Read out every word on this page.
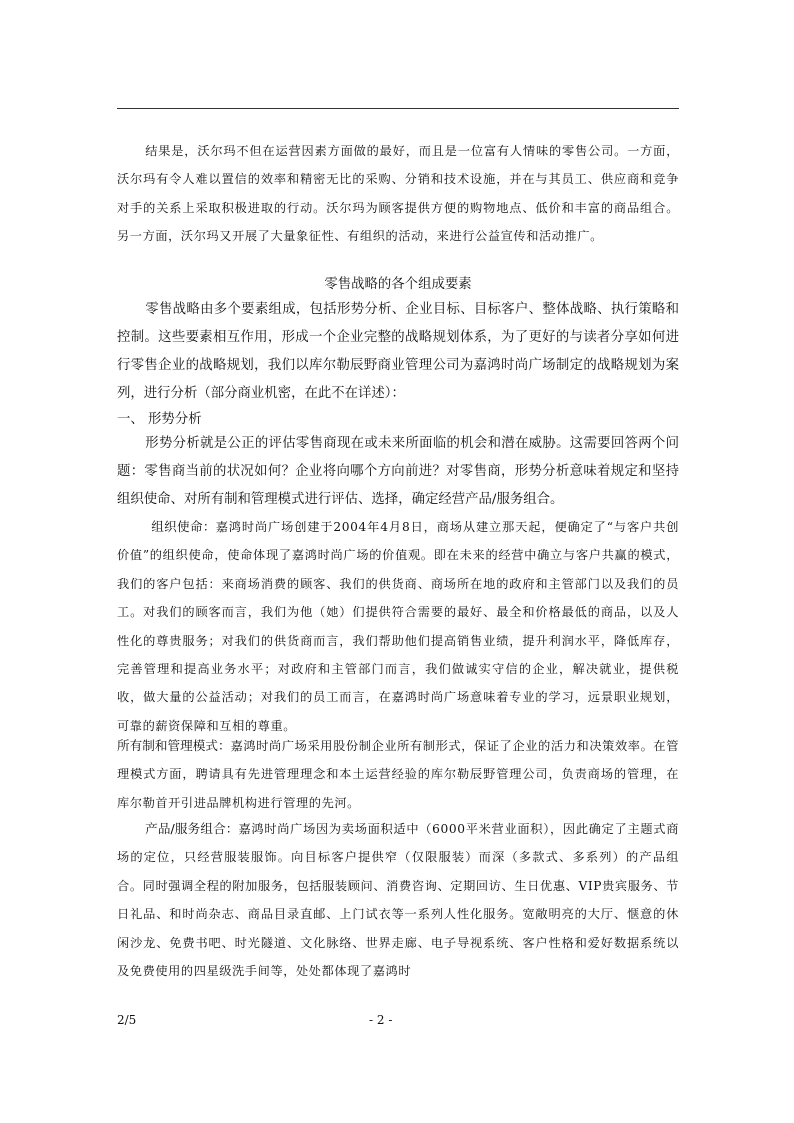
结果是，沃尔玛不但在运营因素方面做的最好，而且是一位富有人情味的零售公司。一方面，沃尔玛有令人难以置信的效率和精密无比的采购、分销和技术设施，并在与其员工、供应商和竞争对手的关系上采取积极进取的行动。沃尔玛为顾客提供方便的购物地点、低价和丰富的商品组合。另一方面，沃尔玛又开展了大量象征性、有组织的活动，来进行公益宣传和活动推广。
零售战略的各个组成要素
零售战略由多个要素组成，包括形势分析、企业目标、目标客户、整体战略、执行策略和控制。这些要素相互作用，形成一个企业完整的战略规划体系，为了更好的与读者分享如何进行零售企业的战略规划，我们以库尔勒辰野商业管理公司为嘉鸿时尚广场制定的战略规划为案列，进行分析（部分商业机密，在此不在详述）：
一、 形势分析
形势分析就是公正的评估零售商现在或未来所面临的机会和潜在威胁。这需要回答两个问题：零售商当前的状况如何？企业将向哪个方向前进？对零售商，形势分析意味着规定和坚持组织使命、对所有制和管理模式进行评估、选择，确定经营产品/服务组合。
组织使命：嘉鸿时尚广场创建于2004年4月8日，商场从建立那天起，便确定了“与客户共创价值”的组织使命，使命体现了嘉鸿时尚广场的价值观。即在未来的经营中确立与客户共赢的模式，我们的客户包括：来商场消费的顾客、我们的供货商、商场所在地的政府和主管部门以及我们的员工。对我们的顾客而言，我们为他（她）们提供符合需要的最好、最全和价格最低的商品，以及人性化的尊贵服务；对我们的供货商而言，我们帮助他们提高销售业绩，提升利润水平，降低库存，完善管理和提高业务水平；对政府和主管部门而言，我们做诚实守信的企业，解决就业，提供税收，做大量的公益活动；对我们的员工而言，在嘉鸿时尚广场意味着专业的学习，远景职业规划，可靠的薪资保障和互相的尊重。
所有制和管理模式：嘉鸿时尚广场采用股份制企业所有制形式，保证了企业的活力和决策效率。在管理模式方面，聘请具有先进管理理念和本土运营经验的库尔勒辰野管理公司，负责商场的管理，在库尔勒首开引进品牌机构进行管理的先河。
产品/服务组合：嘉鸿时尚广场因为卖场面积适中（6000平米营业面积），因此确定了主题式商场的定位，只经营服装服饰。向目标客户提供窄（仅限服装）而深（多款式、多系列）的产品组合。同时强调全程的附加服务，包括服装顾问、消费咨询、定期回访、生日优惠、VIP贵宾服务、节日礼品、和时尚杂志、商品目录直邮、上门试衣等一系列人性化服务。宽敞明亮的大厅、惬意的休闲沙龙、免费书吧、时光隧道、文化脉络、世界走廊、电子导视系统、客户性格和爱好数据系统以及免费使用的四星级洗手间等，处处都体现了嘉鸿时
2/5	- 2 -
